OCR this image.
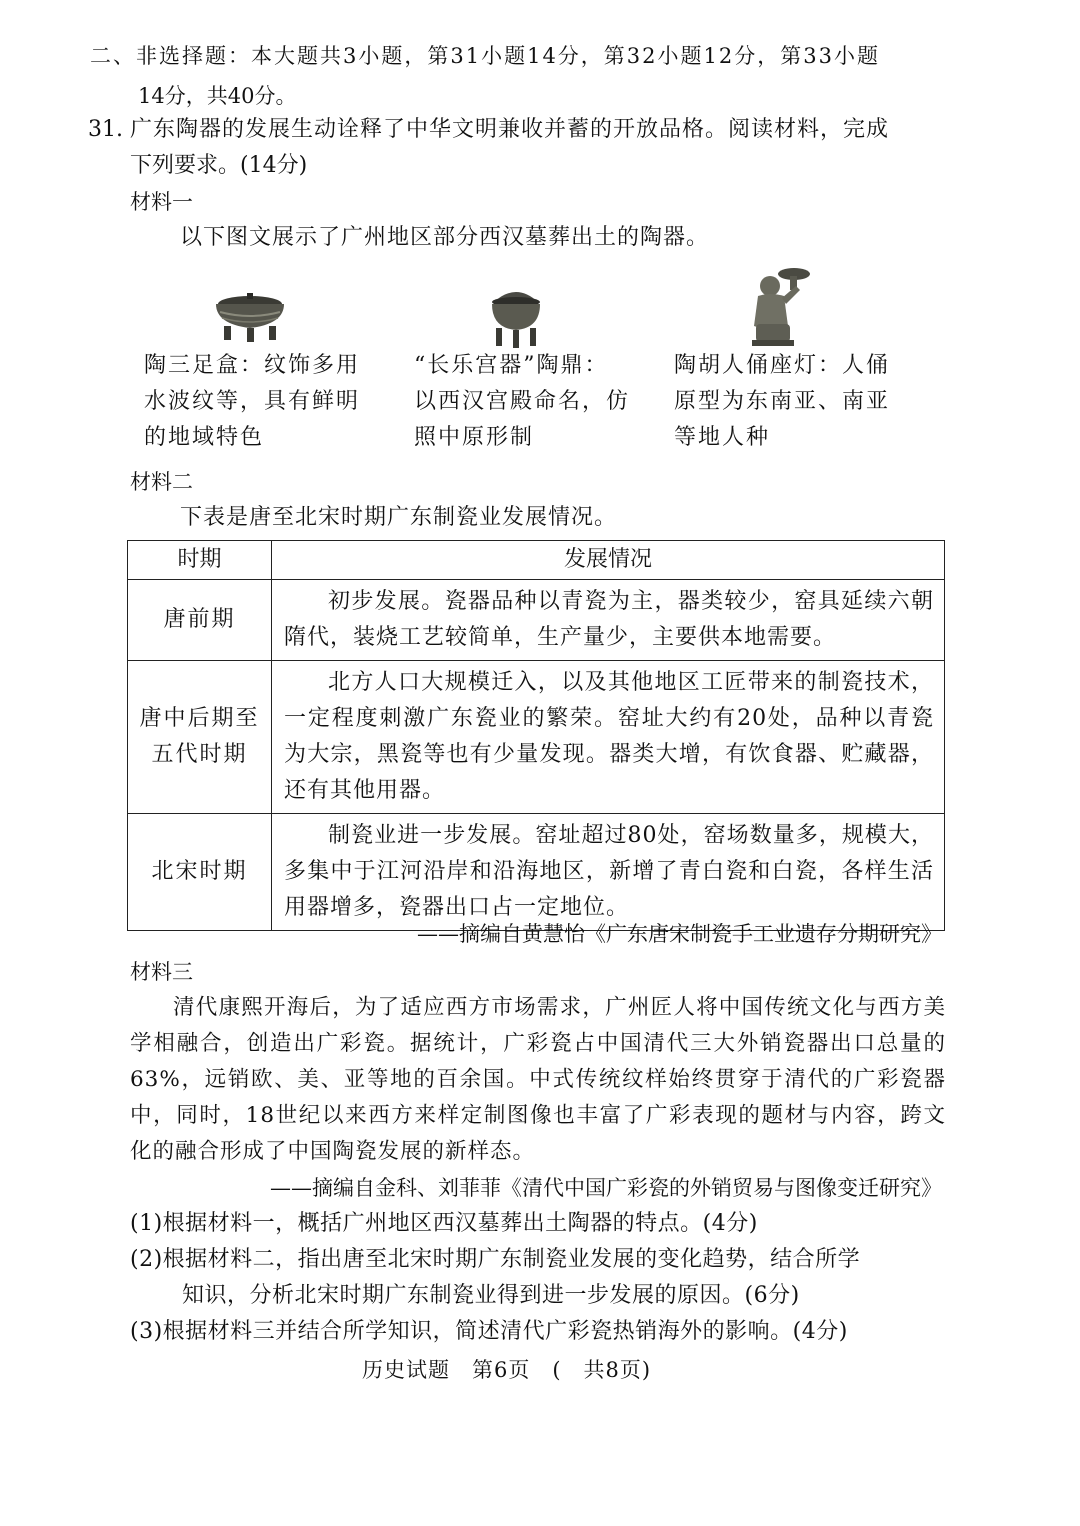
二、非选择题：本大题共3小题，第31小题14分，第32小题12分，第33小题
14分，共40分。
31. 广东陶器的发展生动诠释了中华文明兼收并蓄的开放品格。阅读材料，完成
下列要求。(14分)
材料一
以下图文展示了广州地区部分西汉墓葬出土的陶器。
陶三足盒：纹饰多用
水波纹等，具有鲜明
的地域特色
“长乐宫器”陶鼎：
以西汉宫殿命名，仿
照中原形制
陶胡人俑座灯：人俑
原型为东南亚、南亚
等地人种
材料二
下表是唐至北宋时期广东制瓷业发展情况。
时期	发展情况

唐前期	初步发展。瓷器品种以青瓷为主，器类较少，窑具延续六朝隋代，装烧工艺较简单，生产量少，主要供本地需要。

唐中后期至
五代时期	北方人口大规模迁入，以及其他地区工匠带来的制瓷技术，一定程度刺激广东瓷业的繁荣。窑址大约有20处，品种以青瓷为大宗，黑瓷等也有少量发现。器类大增，有饮食器、贮藏器，还有其他用器。

北宋时期	制瓷业进一步发展。窑址超过80处，窑场数量多，规模大，多集中于江河沿岸和沿海地区，新增了青白瓷和白瓷，各样生活用器增多，瓷器出口占一定地位。
——摘编自黄慧怡《广东唐宋制瓷手工业遗存分期研究》
材料三
清代康熙开海后，为了适应西方市场需求，广州匠人将中国传统文化与西方美学相融合，创造出广彩瓷。据统计，广彩瓷占中国清代三大外销瓷器出口总量的63%，远销欧、美、亚等地的百余国。中式传统纹样始终贯穿于清代的广彩瓷器中，同时，18世纪以来西方来样定制图像也丰富了广彩表现的题材与内容，跨文化的融合形成了中国陶瓷发展的新样态。
——摘编自金科、刘菲菲《清代中国广彩瓷的外销贸易与图像变迁研究》
(1)根据材料一，概括广州地区西汉墓葬出土陶器的特点。(4分)
(2)根据材料二，指出唐至北宋时期广东制瓷业发展的变化趋势，结合所学
知识，分析北宋时期广东制瓷业得到进一步发展的原因。(6分)
(3)根据材料三并结合所学知识，简述清代广彩瓷热销海外的影响。(4分)
历史试题　第6页　(　共8页)
